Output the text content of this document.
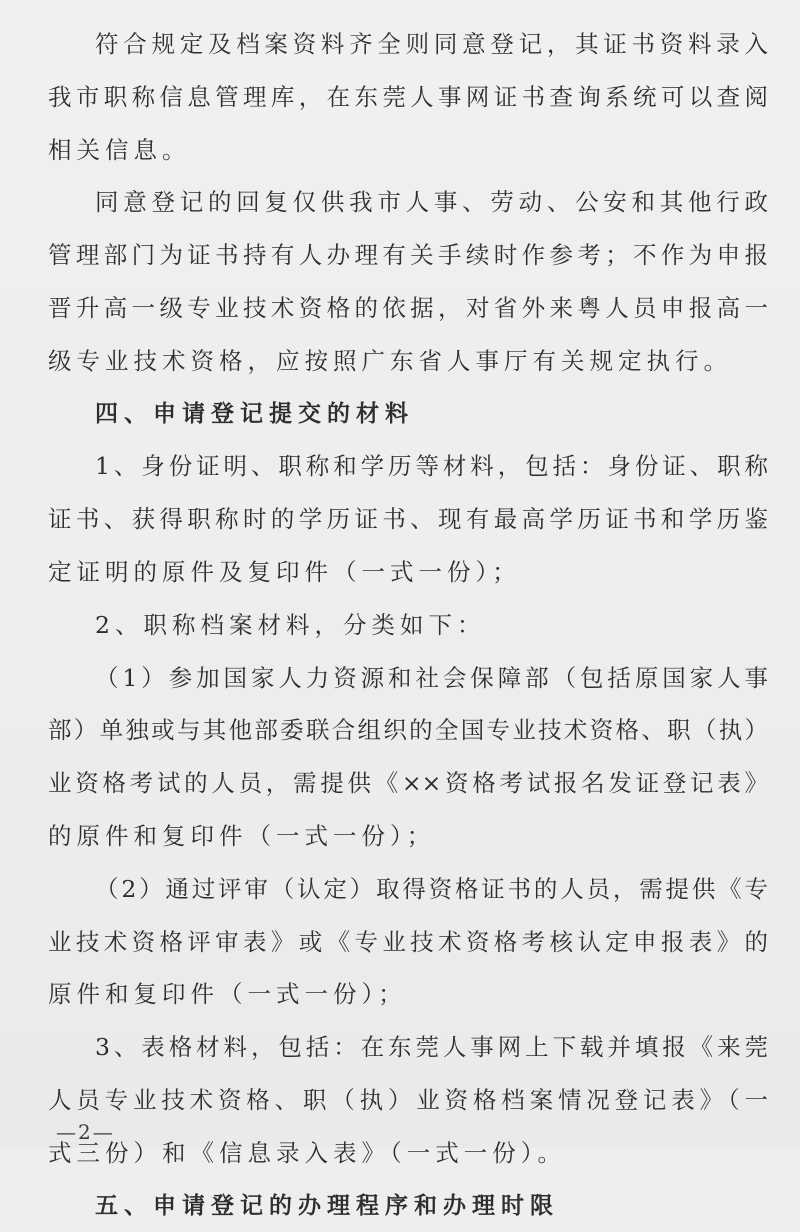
符合规定及档案资料齐全则同意登记，其证书资料录入
我市职称信息管理库，在东莞人事网证书查询系统可以查阅
相关信息。
同意登记的回复仅供我市人事、劳动、公安和其他行政
管理部门为证书持有人办理有关手续时作参考；不作为申报
晋升高一级专业技术资格的依据，对省外来粤人员申报高一
级专业技术资格，应按照广东省人事厅有关规定执行。
四、申请登记提交的材料
1、身份证明、职称和学历等材料，包括：身份证、职称
证书、获得职称时的学历证书、现有最高学历证书和学历鉴
定证明的原件及复印件（一式一份）；
2、职称档案材料，分类如下：
（1）参加国家人力资源和社会保障部（包括原国家人事
部）单独或与其他部委联合组织的全国专业技术资格、职（执）
业资格考试的人员，需提供《××资格考试报名发证登记表》
的原件和复印件（一式一份）；
（2）通过评审（认定）取得资格证书的人员，需提供《专
业技术资格评审表》或《专业技术资格考核认定申报表》的
原件和复印件（一式一份）；
3、表格材料，包括：在东莞人事网上下载并填报《来莞
人员专业技术资格、职（执）业资格档案情况登记表》（一
式三份）和《信息录入表》（一式一份）。
五、申请登记的办理程序和办理时限
—2—
